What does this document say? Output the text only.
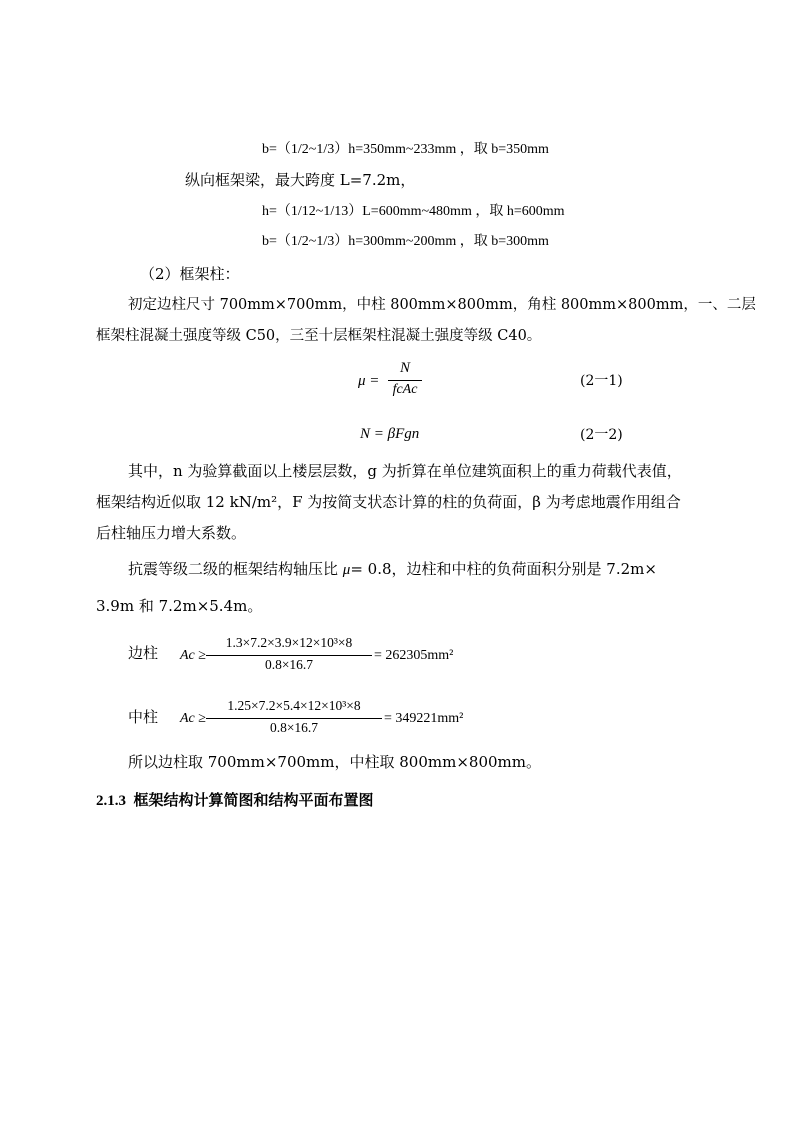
b=（1/2~1/3）h=350mm~233mm ，取 b=350mm
纵向框架梁，最大跨度 L=7.2m，
h=（1/12~1/13）L=600mm~480mm ，取 h=600mm
b=（1/2~1/3）h=300mm~200mm ，取 b=300mm
（2）框架柱：
初定边柱尺寸 700mm×700mm，中柱 800mm×800mm，角柱 800mm×800mm，一、二层
框架柱混凝土强度等级 C50，三至十层框架柱混凝土强度等级 C40。
μ =
N
fcAc
(2一1)
N = βFgn	(2一2)
其中，n 为验算截面以上楼层层数，g 为折算在单位建筑面积上的重力荷载代表值，
框架结构近似取 12 kN/m²，F 为按简支状态计算的柱的负荷面，β 为考虑地震作用组合
后柱轴压力增大系数。
抗震等级二级的框架结构轴压比 μ= 0.8，边柱和中柱的负荷面积分别是 7.2m×
3.9m 和 7.2m×5.4m。
边柱 Ac ≥
1.3×7.2×3.9×12×10³×8
0.8×16.7
= 262305mm²
中柱 Ac ≥
1.25×7.2×5.4×12×10³×8
0.8×16.7
= 349221mm²
所以边柱取 700mm×700mm，中柱取 800mm×800mm。
2.1.3 框架结构计算简图和结构平面布置图
